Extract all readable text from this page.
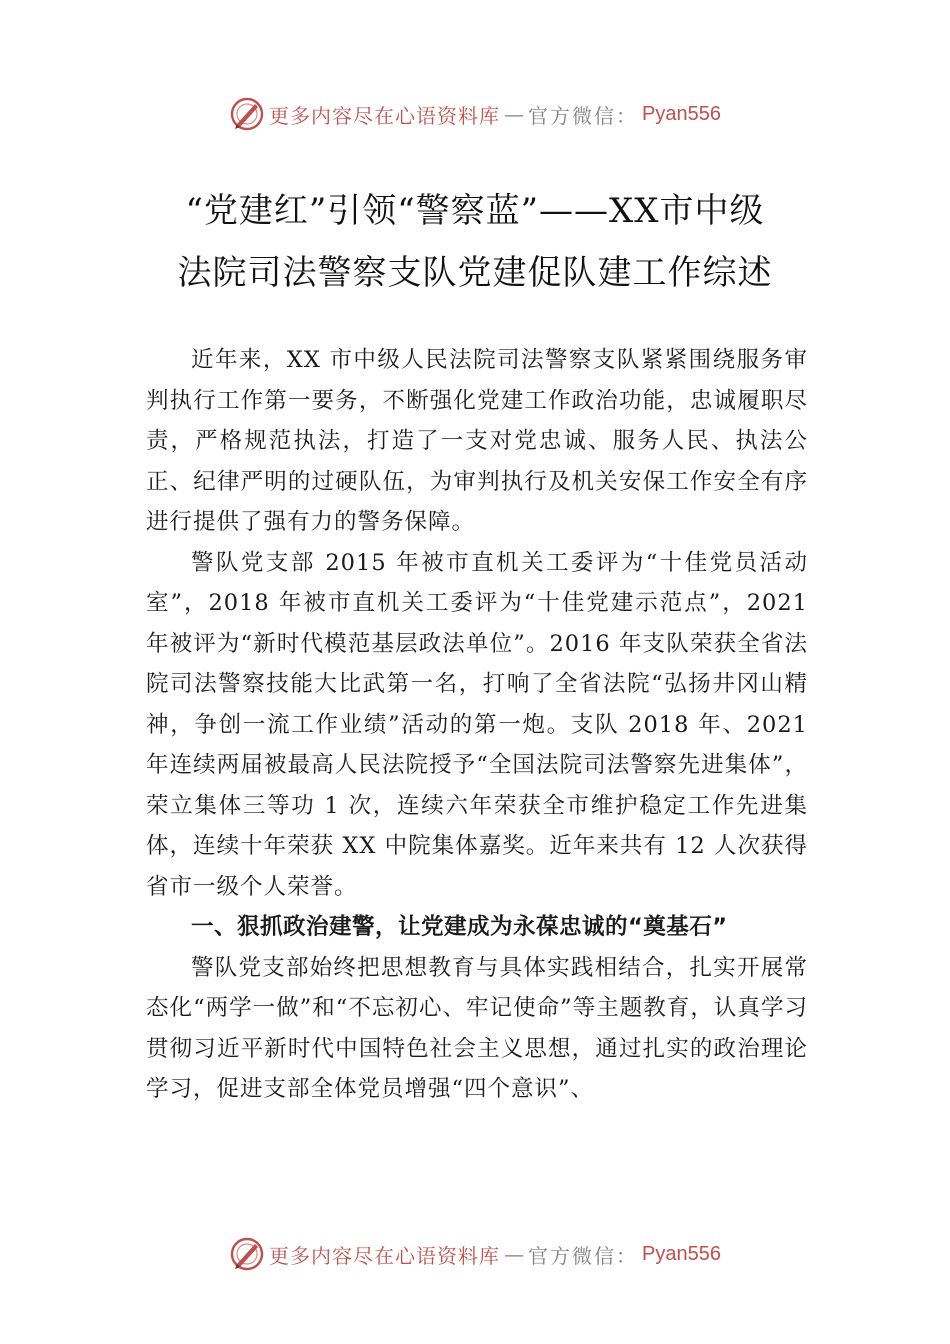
更多内容尽在心语资料库 — 官方微信： Pyan556
“党建红”引领“警察蓝”——XX市中级
法院司法警察支队党建促队建工作综述

近年来，XX 市中级人民法院司法警察支队紧紧围绕服务审判执行工作第一要务，不断强化党建工作政治功能，忠诚履职尽责，严格规范执法，打造了一支对党忠诚、服务人民、执法公正、纪律严明的过硬队伍，为审判执行及机关安保工作安全有序进行提供了强有力的警务保障。

警队党支部 2015 年被市直机关工委评为“十佳党员活动室”，2018 年被市直机关工委评为“十佳党建示范点”，2021 年被评为“新时代模范基层政法单位”。2016 年支队荣获全省法院司法警察技能大比武第一名，打响了全省法院“弘扬井冈山精神，争创一流工作业绩”活动的第一炮。支队 2018 年、2021 年连续两届被最高人民法院授予“全国法院司法警察先进集体”，荣立集体三等功 1 次，连续六年荣获全市维护稳定工作先进集体，连续十年荣获 XX 中院集体嘉奖。近年来共有 12 人次获得省市一级个人荣誉。

一、狠抓政治建警，让党建成为永葆忠诚的“奠基石”

警队党支部始终把思想教育与具体实践相结合，扎实开展常态化“两学一做”和“不忘初心、牢记使命”等主题教育，认真学习贯彻习近平新时代中国特色社会主义思想，通过扎实的政治理论学习，促进支部全体党员增强“四个意识”、

更多内容尽在心语资料库 — 官方微信： Pyan556
